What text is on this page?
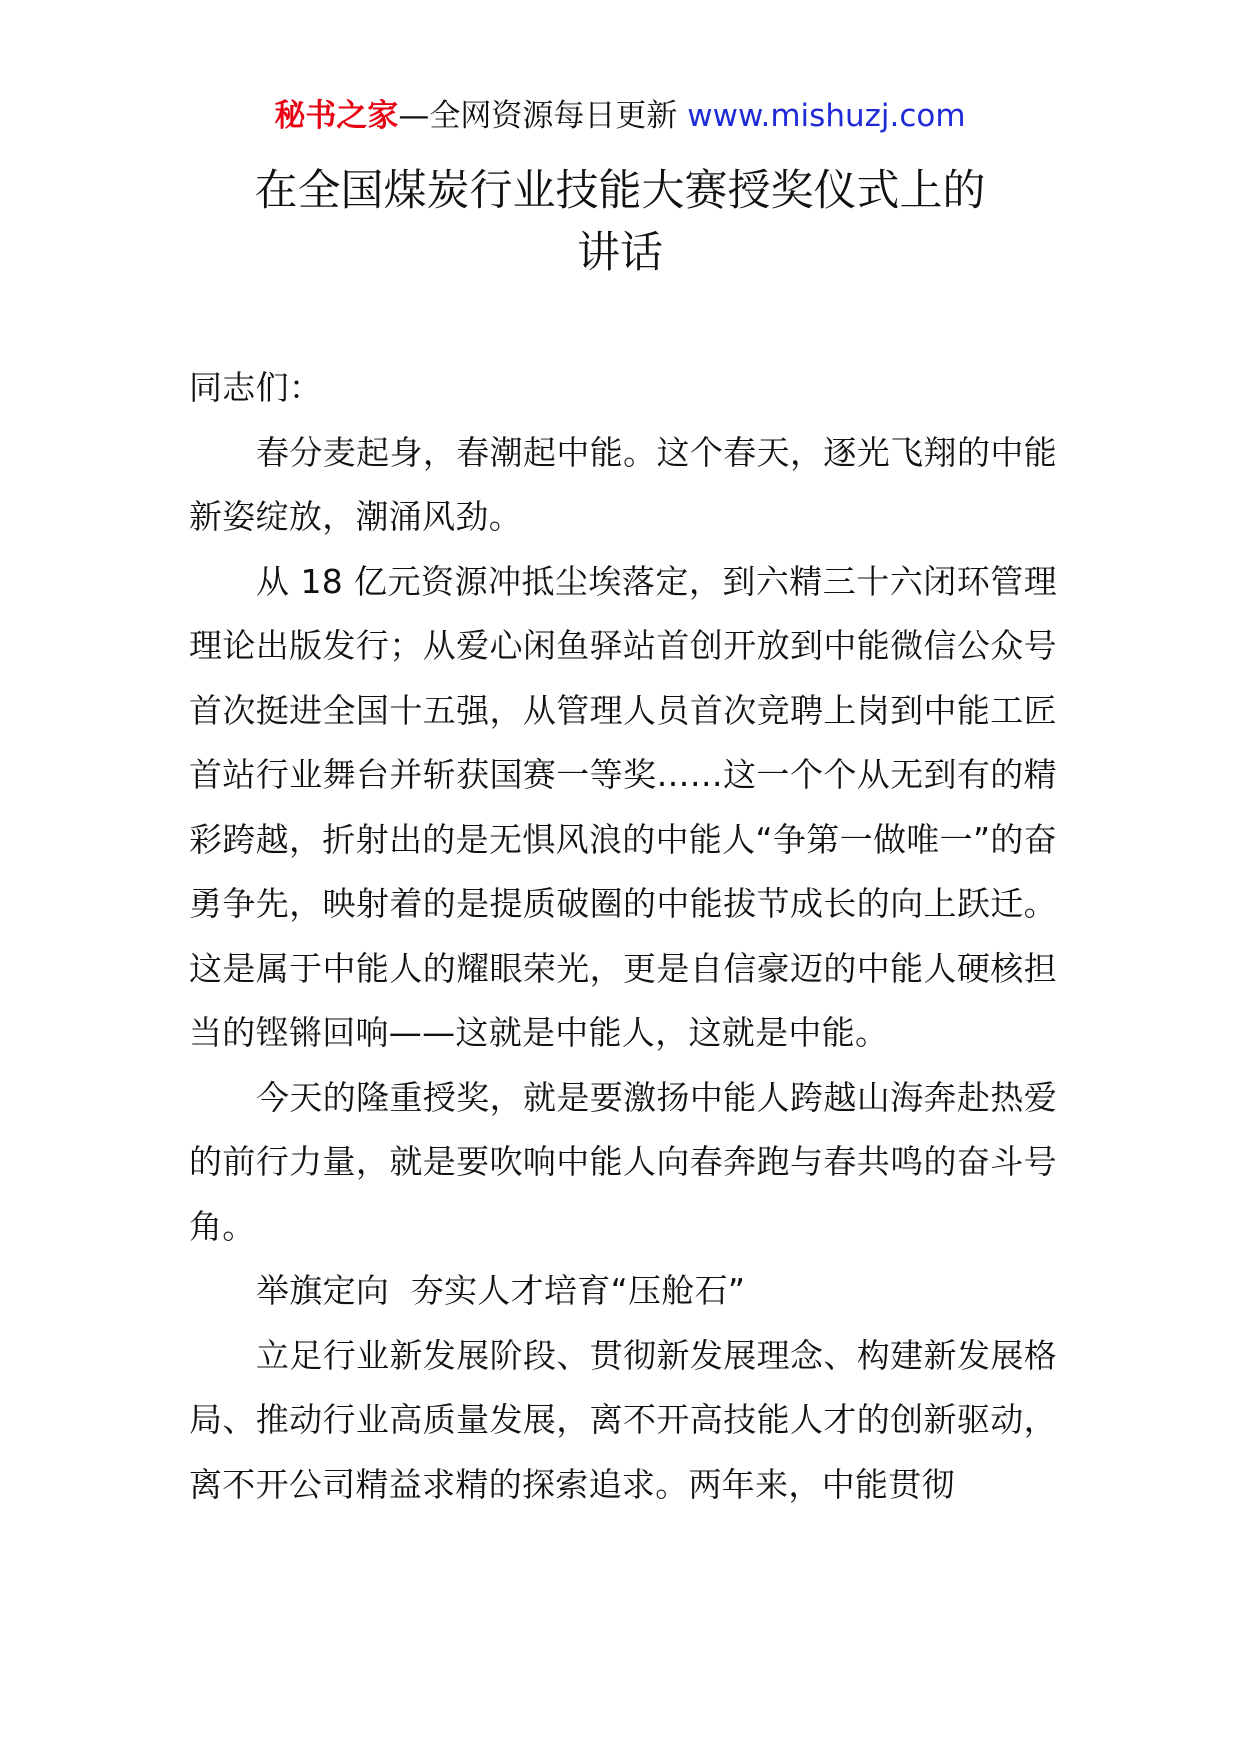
秘书之家—全网资源每日更新 www.mishuzj.com
在全国煤炭行业技能大赛授奖仪式上的
讲话

同志们：

春分麦起身，春潮起中能。这个春天，逐光飞翔的中能新姿绽放，潮涌风劲。

从 18 亿元资源冲抵尘埃落定，到六精三十六闭环管理理论出版发行；从爱心闲鱼驿站首创开放到中能微信公众号首次挺进全国十五强，从管理人员首次竞聘上岗到中能工匠首站行业舞台并斩获国赛一等奖……这一个个从无到有的精彩跨越，折射出的是无惧风浪的中能人“争第一做唯一”的奋勇争先，映射着的是提质破圈的中能拔节成长的向上跃迁。这是属于中能人的耀眼荣光，更是自信豪迈的中能人硬核担当的铿锵回响——这就是中能人，这就是中能。

今天的隆重授奖，就是要激扬中能人跨越山海奔赴热爱的前行力量，就是要吹响中能人向春奔跑与春共鸣的奋斗号角。

举旗定向  夯实人才培育“压舱石”

立足行业新发展阶段、贯彻新发展理念、构建新发展格局、推动行业高质量发展，离不开高技能人才的创新驱动，离不开公司精益求精的探索追求。两年来，中能贯彻
